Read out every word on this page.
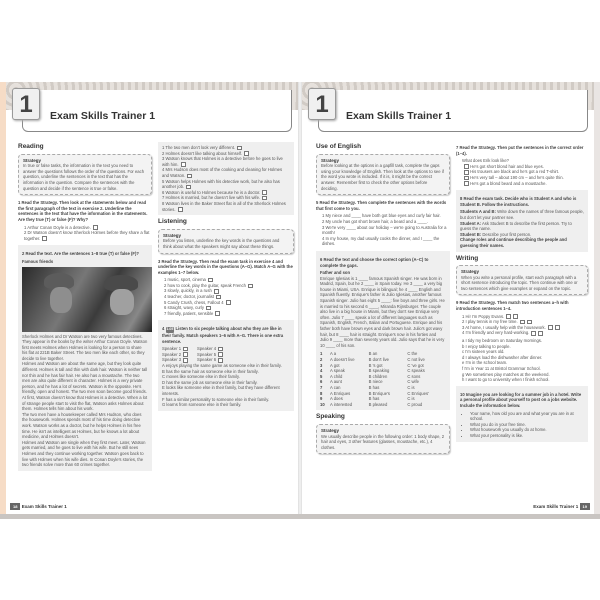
1	Exam Skills Trainer 1
Reading
Strategy
In true or false tasks, the information in the text you need to answer the questions follows the order of the questions. For each question, underline the sentences in the text that has the information in the question. Compare the sentences with the question and decide if the sentence is true or false.
1 Read the Strategy. Then look at the statements below and read the first paragraph of the text in exercise 2. Underline the sentences in the text that have the information in the statements. Are they true (T) or false (F)? Why?
1 Arthur Conan Doyle is a detective.
2 Dr Watson doesn't know Sherlock Holmes before they share a flat together.
2 Read the text. Are the sentences 1–8 true (T) or false (F)?
Famous friends

Sherlock Holmes and Dr Watson are two very famous detectives. They appear in the books by the writer Arthur Conan Doyle. Watson first meets Holmes when Holmes is looking for a person to share his flat at 221B Baker Street. The two men like each other, so they decide to live together.

Holmes and Watson are about the same age, but they look quite different. Holmes is tall and thin with dark hair. Watson is neither tall nor thin and he has fair hair. He also has a moustache. The two men are also quite different in character. Holmes is a very private person, and he has a lot of secrets. Watson is the opposite. He's friendly, open and honest. The two men soon become good friends.

At first, Watson doesn't know that Holmes is a detective. When a lot of strange people start to visit the flat, Watson asks Holmes about them. Holmes tells him about his work.

The two men have a housekeeper called Mrs Hudson, who does the housework. Holmes spends most of his time doing detective work. Watson works as a doctor, but he helps Holmes in his free time. He isn't as intelligent as Holmes, but he knows a lot about medicine, and Holmes doesn't.

Holmes and Watson are single when they first meet. Later, Watson gets married, and he goes to live with his wife. But he still sees Holmes and they continue working together. Watson goes back to live with Holmes when his wife dies. In Conan Doyle's stories, the two friends solve more than 60 crimes together.

1 The two men don't look very different.
2 Holmes doesn't like talking about himself.
3 Watson knows that Holmes is a detective before he goes to live with him.
4 Mrs Hudson does most of the cooking and cleaning for Holmes and Watson.
5 Watson helps Holmes with his detective work, but he also has another job.
6 Watson is useful to Holmes because he is a doctor.
7 Holmes is married, but he doesn't live with his wife.
8 Watson lives in the Baker Street flat in all of the Sherlock Holmes stories.
Listening
Strategy
Before you listen, underline the key words in the questions and think about what the speakers might say about these things.
3 Read the Strategy. Then read the exam task in exercise 4 and underline the key words in the questions (A–G). Match A–G with the examples 1–7 below.
1 music, sport, cinema
2 how to cook, play the guitar, speak French
3 slowly, quickly, in a rush
4 teacher, doctor, journalist
5 Candy Crush, chess, Fallout 4
6 straight, wavy, curly
7 friendly, patient, sensible
4 1.05 Listen to six people talking about who they are like in their family. Match speakers 1–6 with A–G. There is one extra sentence.
Speaker 1	Speaker 4
Speaker 2	Speaker 5
Speaker 3	Speaker 6
A enjoys playing the same game as someone else in their family.
B has the same hair as someone else in their family.
C moves like someone else in their family.
D has the same job as someone else in their family.
E looks like someone else in their family, but they have different interests.
F has a similar personality to someone else in their family.
G learns from someone else in their family.
18 Exam Skills Trainer 1
1	Exam Skills Trainer 1
Use of English
Strategy
Before looking at the options in a gapfill task, complete the gaps using your knowledge of English. Then look at the options to see if the word you wrote is included. If it is, it might be the correct answer. Remember first to check the other options before deciding.
5 Read the Strategy. Then complete the sentences with the words that first come to you.
1 My niece and ____ have both got blue eyes and curly fair hair.
2 My uncle has got short brown hair, a beard and a ____.
3 We're very ____ about our holiday – we're going to Australia for a month!
4 In my house, my dad usually cooks the dinner, and I ____ the dishes.
6 Read the text and choose the correct option (A–C) to complete the gaps.
Father and son

Enrique Iglesias is 1 ____ famous Spanish singer. He was born in Madrid, Spain, but he 2 ____ in Spain today. He 3 ____ a very big house in Miami, USA. Enrique is bilingual; he 4 ____ English and Spanish fluently. Enrique's father is Julio Iglesias, another famous Spanish singer. Julio has eight 5 ____: five boys and three girls. He is married to his second 6 ____, Miranda Rijnsburger. The couple also live in a big house in Miami, but they don't see Enrique very often. Julio 7 ____ speak a lot of different languages such as Spanish, English, French, Italian and Portuguese. Enrique and his father both have brown eyes and dark brown hair. Julio's got wavy hair, but 8 ____ hair is straight. Enrique's now in his forties and Julio 9 ____ more than seventy years old. Julio says that he is very 10 ____ of his son.

1	A a	B an	C the
2	A doesn't live	B don't live	C not live
3	A got	B 's got	C 've got
4	A speak	B speaking	C speaks
5	A child	B children	C sons
6	A aunt	B niece	C wife
7	A can	B has	C is
8	A Enriques	B Enrique's	C Enriques'
9	A does	B has	C is
10	A interested	B pleased	C proud
Speaking
Strategy
We usually describe people in the following order: 1 body shape, 2 hair and eyes, 3 other features (glasses, moustache, etc.), 4 clothes.
7 Read the Strategy. Then put the sentences in the correct order (1–4).
What does Erik look like?
He's got short blond hair and blue eyes.
His trousers are black and he's got a red T-shirt.
He's very tall – about 190 cm – and he's quite thin.
He's got a blond beard and a moustache.
8 Read the exam task. Decide who is Student A and who is Student B. Follow the instructions.
Students A and B: Write down the names of three famous people, but don't let your partner see.
Student A: Ask Student B to describe the first person. Try to guess the name.
Student B: Describe your first person.
Change roles and continue describing the people and guessing their names.
Writing
Strategy
When you write a personal profile, start each paragraph with a short sentence introducing the topic. Then continue with one or two sentences which give examples or expand on the topic.
9 Read the Strategy. Then match two sentences a–h with introduction sentences 1–4.
1 Hi! I'm Poppy Evans.
2 I play tennis in my free time.
3 At home, I usually help with the housework.
4 I'm friendly and very hard-working.
a I tidy my bedroom on Saturday mornings.
b I enjoy talking to people.
c I'm sixteen years old.
d I always load the dishwasher after dinner.
e I'm in the school team.
f I'm in Year 11 at Bristol Grammar School.
g We sometimes play matches at the weekend.
h I want to go to university when I finish school.
10 Imagine you are looking for a summer job in a hotel. Write a personal profile about yourself to post on a jobs website. Include the information below.
• Your name, how old you are and what year you are in at school.
• What you do in your free time.
• What housework you usually do at home.
• What your personality is like.
Exam Skills Trainer 1 19
